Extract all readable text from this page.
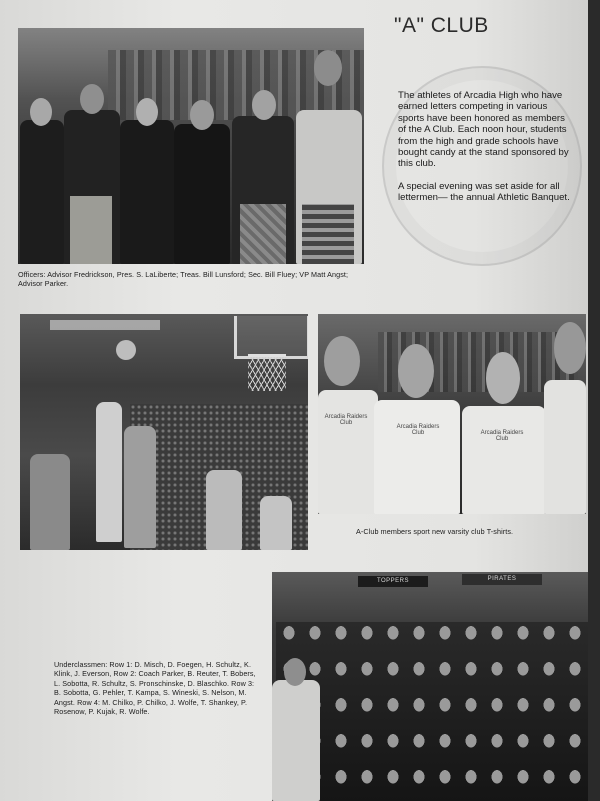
Officers: Advisor Fredrickson, Pres. S. LaLiberte; Treas. Bill Lunsford; Sec. Bill Fluey; VP Matt Angst; Advisor Parker.
"A" CLUB

The athletes of Arcadia High who have earned letters competing in various sports have been honored as members of the A Club. Each noon hour, students from the high and grade schools have bought candy at the stand sponsored by this club.

A special evening was set aside for all lettermen— the annual Athletic Banquet.

Arcadia Raiders Club
Arcadia Raiders Club	Arcadia Raiders Club
A-Club members sport new varsity club T-shirts.
Underclassmen: Row 1: D. Misch, D. Foegen, H. Schultz, K. Klink, J. Everson, Row 2: Coach Parker, B. Reuter, T. Bobers, L. Sobotta, R. Schultz, S. Pronschinske, D. Blaschko. Row 3: B. Sobotta, G. Pehler, T. Kampa, S. Wineski, S. Nelson, M. Angst. Row 4: M. Chilko, P. Chilko, J. Wolfe, T. Shankey, P. Rosenow, P. Kujak, R. Wolfe.
TOPPERS	PIRATES
